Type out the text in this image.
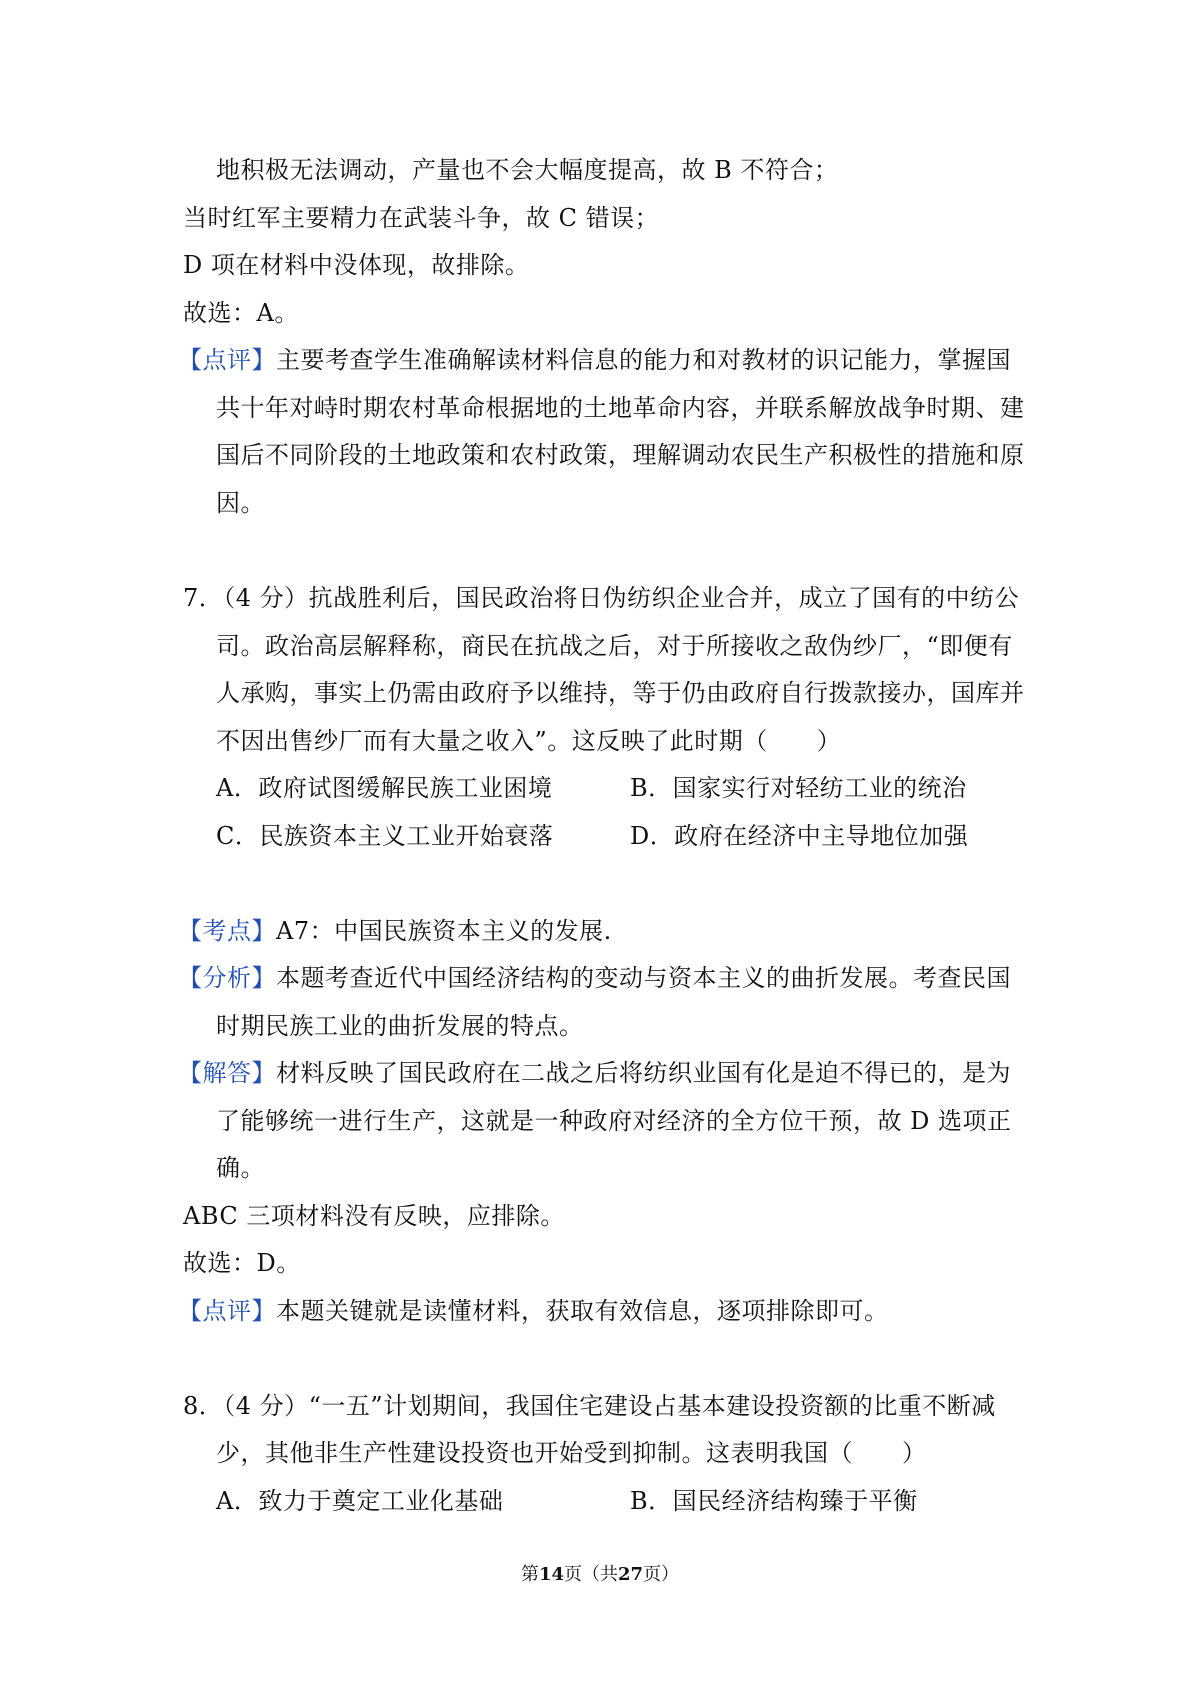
地积极无法调动，产量也不会大幅度提高，故 B 不符合；
当时红军主要精力在武装斗争，故 C 错误；
D 项在材料中没体现，故排除。
故选：A。
【点评】主要考查学生准确解读材料信息的能力和对教材的识记能力，掌握国
共十年对峙时期农村革命根据地的土地革命内容，并联系解放战争时期、建
国后不同阶段的土地政策和农村政策，理解调动农民生产积极性的措施和原
因。
7．（4 分）抗战胜利后，国民政治将日伪纺织企业合并，成立了国有的中纺公
司。政治高层解释称，商民在抗战之后，对于所接收之敌伪纱厂，“即便有
人承购，事实上仍需由政府予以维持，等于仍由政府自行拨款接办，国库并
不因出售纱厂而有大量之收入”。这反映了此时期（　　）
A．政府试图缓解民族工业困境	B．国家实行对轻纺工业的统治
C．民族资本主义工业开始衰落	D．政府在经济中主导地位加强
【考点】A7：中国民族资本主义的发展.
【分析】本题考查近代中国经济结构的变动与资本主义的曲折发展。考查民国
时期民族工业的曲折发展的特点。
【解答】材料反映了国民政府在二战之后将纺织业国有化是迫不得已的，是为
了能够统一进行生产，这就是一种政府对经济的全方位干预，故 D 选项正
确。
ABC 三项材料没有反映，应排除。
故选：D。
【点评】本题关键就是读懂材料，获取有效信息，逐项排除即可。
8．（4 分）“一五”计划期间，我国住宅建设占基本建设投资额的比重不断减
少，其他非生产性建设投资也开始受到抑制。这表明我国（　　）
A．致力于奠定工业化基础	B．国民经济结构臻于平衡
第14页（共27页）
